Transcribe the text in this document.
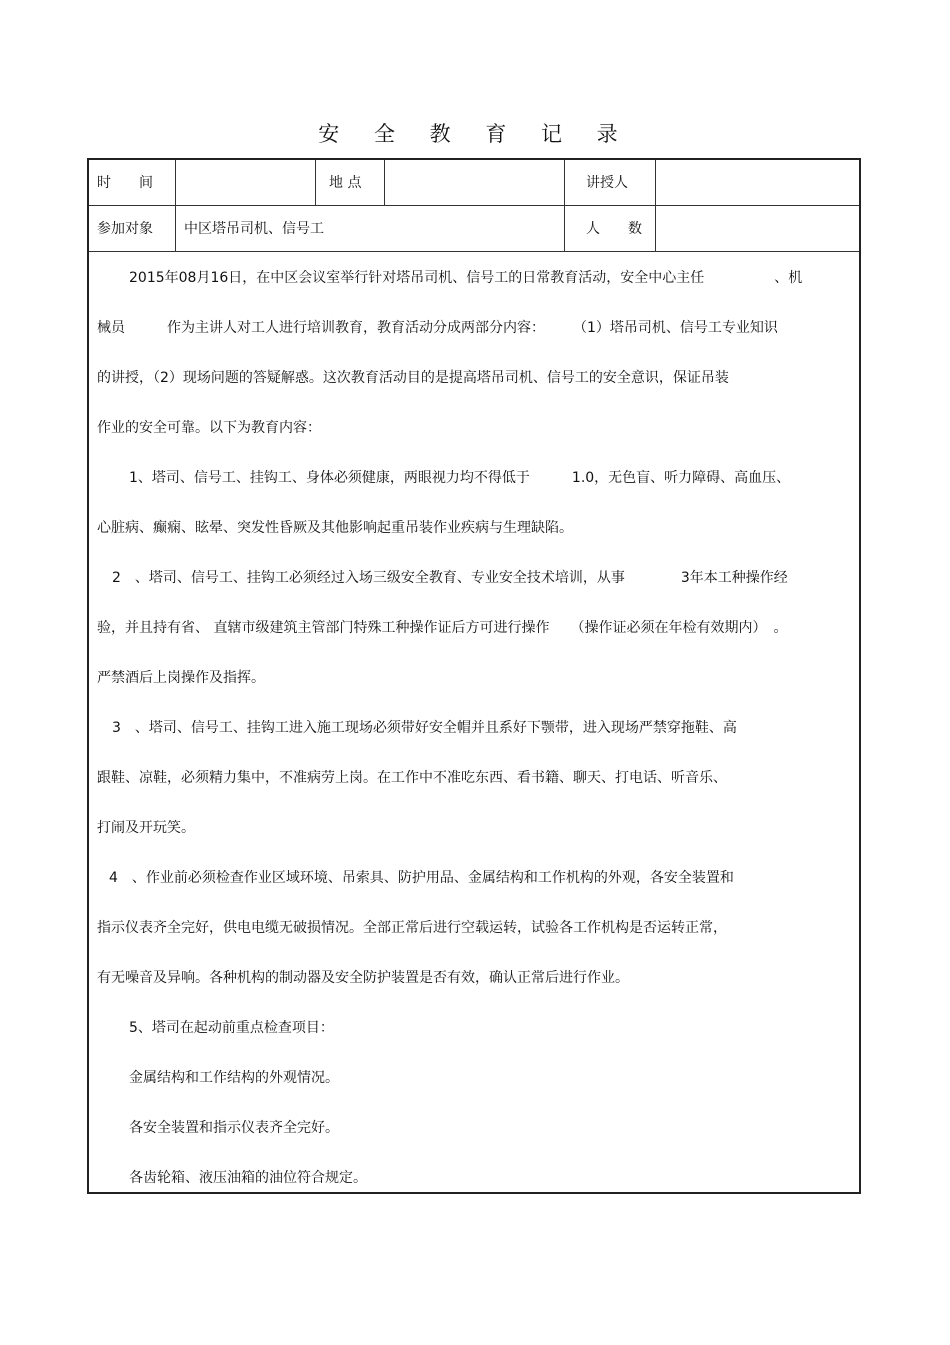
安 全 教 育 记 录
时　　间	地 点	讲授人
参加对象 中区塔吊司机、信号工	人　　数
2015年08月16日，在中区会议室举行针对塔吊司机、信号工的日常教育活动，安全中心主任　　　　　、机
械员　　　作为主讲人对工人进行培训教育，教育活动分成两部分内容：　　　（1）塔吊司机、信号工专业知识
的讲授，（2）现场问题的答疑解惑。这次教育活动目的是提高塔吊司机、信号工的安全意识，保证吊装
作业的安全可靠。以下为教育内容：
1、塔司、信号工、挂钩工、身体必须健康，两眼视力均不得低于　　　1.0，无色盲、听力障碍、高血压、
心脏病、癫痫、眩晕、突发性昏厥及其他影响起重吊装作业疾病与生理缺陷。
2　、塔司、信号工、挂钩工必须经过入场三级安全教育、专业安全技术培训，从事　　　　3年本工种操作经
验，并且持有省、 直辖市级建筑主管部门特殊工种操作证后方可进行操作　　（操作证必须在年检有效期内）　。
严禁酒后上岗操作及指挥。
3　、塔司、信号工、挂钩工进入施工现场必须带好安全帽并且系好下颚带，进入现场严禁穿拖鞋、高
跟鞋、凉鞋，必须精力集中，不准病劳上岗。在工作中不准吃东西、看书籍、聊天、打电话、听音乐、
打闹及开玩笑。
4　、作业前必须检查作业区域环境、吊索具、防护用品、金属结构和工作机构的外观，各安全装置和
指示仪表齐全完好，供电电缆无破损情况。全部正常后进行空载运转，试验各工作机构是否运转正常，
有无噪音及异响。各种机构的制动器及安全防护装置是否有效，确认正常后进行作业。
5、塔司在起动前重点检查项目：
金属结构和工作结构的外观情况。
各安全装置和指示仪表齐全完好。
各齿轮箱、液压油箱的油位符合规定。
